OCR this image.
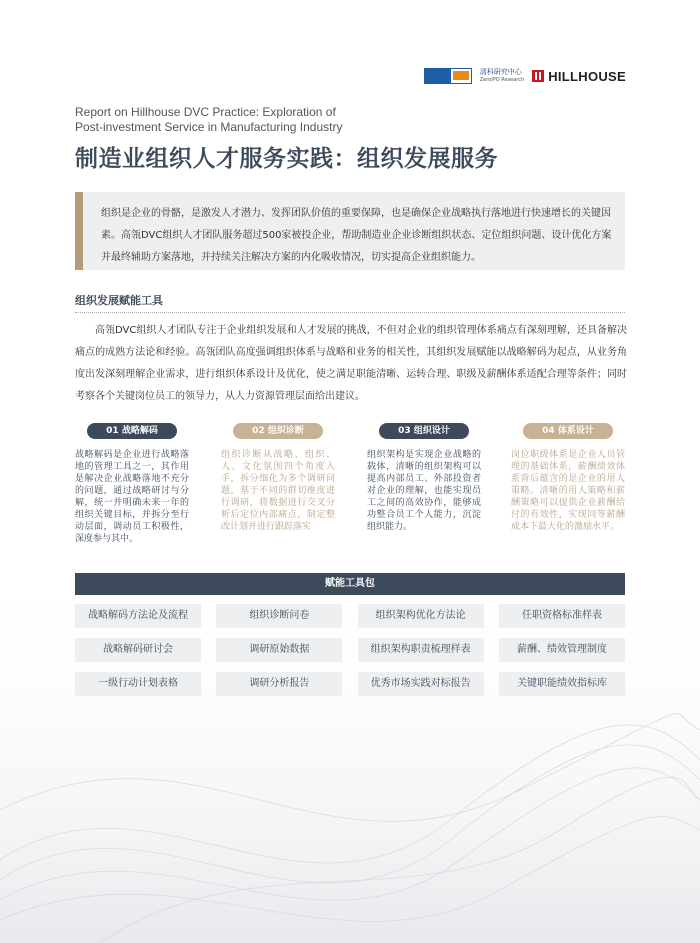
清科研究中心
ZeroIPO Research HILLHOUSE
Report on Hillhouse DVC Practice: Exploration of
Post-investment Service in Manufacturing Industry
制造业组织人才服务实践：组织发展服务
组织是企业的骨骼，是激发人才潜力、发挥团队价值的重要保障，也是确保企业战略执行落地进行快速增长的关键因素。高瓴DVC组织人才团队服务超过500家被投企业，帮助制造业企业诊断组织状态、定位组织问题、设计优化方案并最终辅助方案落地，并持续关注解决方案的内化吸收情况，切实提高企业组织能力。
组织发展赋能工具
高瓴DVC组织人才团队专注于企业组织发展和人才发展的挑战，不但对企业的组织管理体系痛点有深刻理解，还具备解决痛点的成熟方法论和经验。高瓴团队高度强调组织体系与战略和业务的相关性，其组织发展赋能以战略解码为起点，从业务角度出发深刻理解企业需求，进行组织体系设计及优化，使之满足职能清晰、运转合理、职级及薪酬体系适配合理等条件；同时考察各个关键岗位员工的领导力，从人力资源管理层面给出建议。
01 战略解码
战略解码是企业进行战略落地的管理工具之一，其作用是解决企业战略落地不充分的问题，通过战略研讨与分解，统一并明确未来一年的组织关键目标，并拆分至行动层面，调动员工积极性，深度参与其中。
02 组织诊断
组织诊断从战略、组织、人、文化氛围四个角度入手，拆分细化为多个调研问题，基于不同的群切维度进行调研，将数据进行交叉分析后定位内部痛点，制定整改计划并进行跟踪落实
03 组织设计
组织架构是实现企业战略的载体，清晰的组织架构可以提高内部员工、外部投资者对企业的理解，也能实现员工之间的高效协作，能够成功整合员工个人能力，沉淀组织能力。
04 体系设计
岗位职级体系是企业人员管理的基础体系，薪酬绩效体系背后蕴含的是企业的用人策略。清晰的用人策略和薪酬策略可以提供企业薪酬给付的有效性，实现同等薪酬成本下最大化的激励水平。
赋能工具包
战略解码方法论及流程	组织诊断问卷	组织架构优化方法论	任职资格标准样表
战略解码研讨会	调研原始数据	组织架构职责梳理样表	薪酬、绩效管理制度
一级行动计划表格	调研分析报告	优秀市场实践对标报告	关键职能绩效指标库
